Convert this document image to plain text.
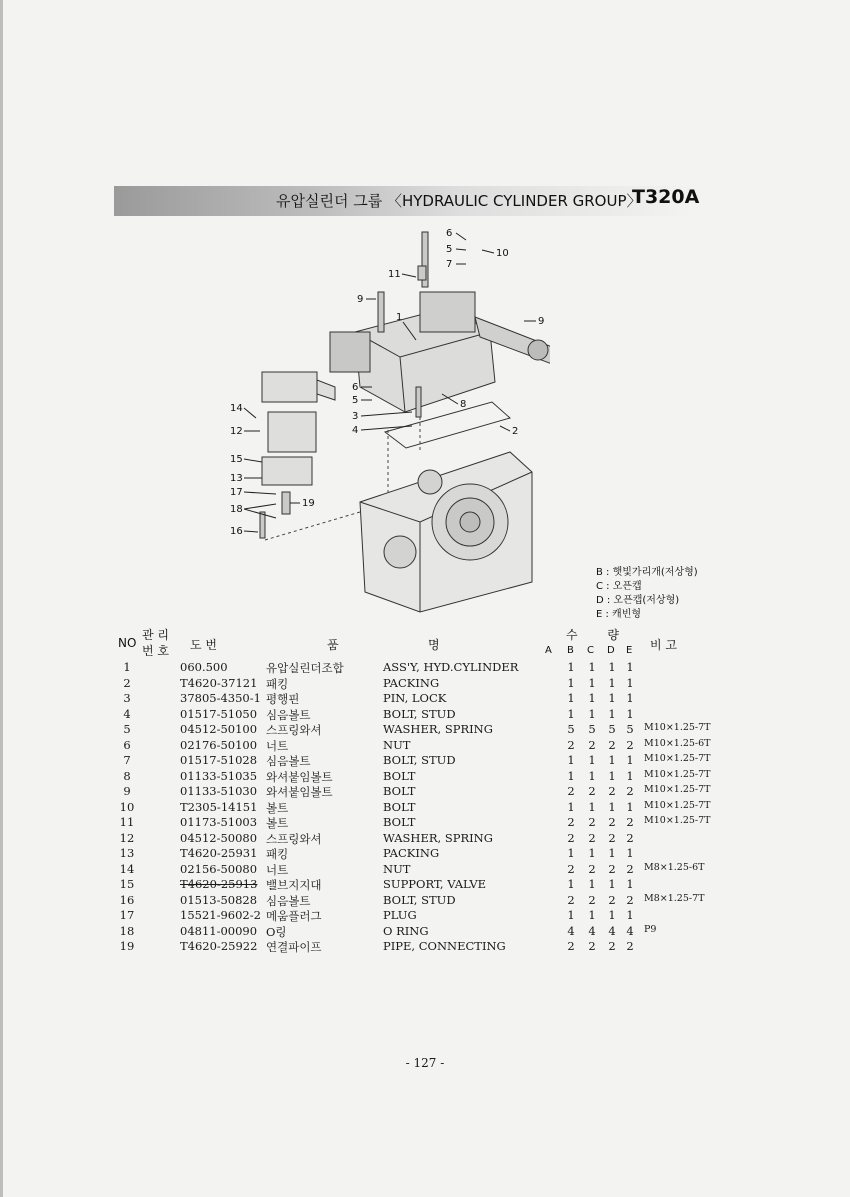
유압실린더 그룹 〈HYDRAULIC CYLINDER GROUP〉
T320A
6
5
7
10
11
9
1	9
6
5
3
4
8
2
14
12
15
13
17
18
19
16
B : 햇빛가리개(저상형)
C : 오픈캡
D : 오픈캡(저상형)
E : 캐빈형
NO
관 리
번 호 도 번	품	명
수 량
A B C D E 비 고
1	060.500	유압실린더조합	ASS'Y, HYD.CYLINDER	1 1 1 1
2	T4620-37121 패킹	PACKING	1 1 1 1
3	37805-4350-1 평행핀	PIN, LOCK	1 1 1 1
4	01517-51050 심음볼트	BOLT, STUD	1 1 1 1
5	04512-50100 스프링와셔	WASHER, SPRING	5 5 5 5 M10×1.25-7T
6	02176-50100 너트	NUT	2 2 2 2 M10×1.25-6T
7	01517-51028 심음볼트	BOLT, STUD	1 1 1 1 M10×1.25-7T
8	01133-51035 와셔붙임볼트	BOLT	1 1 1 1 M10×1.25-7T
9	01133-51030 와셔붙임볼트	BOLT	2 2 2 2 M10×1.25-7T
10	T2305-14151 볼트	BOLT	1 1 1 1 M10×1.25-7T
11	01173-51003 볼트	BOLT	2 2 2 2 M10×1.25-7T
12	04512-50080 스프링와셔	WASHER, SPRING	2 2 2 2
13	T4620-25931 패킹	PACKING	1 1 1 1
14	02156-50080 너트	NUT	2 2 2 2 M8×1.25-6T
15	T4620-25913 밸브지지대	SUPPORT, VALVE	1 1 1 1
16	01513-50828 심음볼트	BOLT, STUD	2 2 2 2 M8×1.25-7T
17	15521-9602-2 메움플러그	PLUG	1 1 1 1
18	04811-00090 O링	O RING	4 4 4 4 P9
19	T4620-25922 연결파이프	PIPE, CONNECTING	2 2 2 2
- 127 -
